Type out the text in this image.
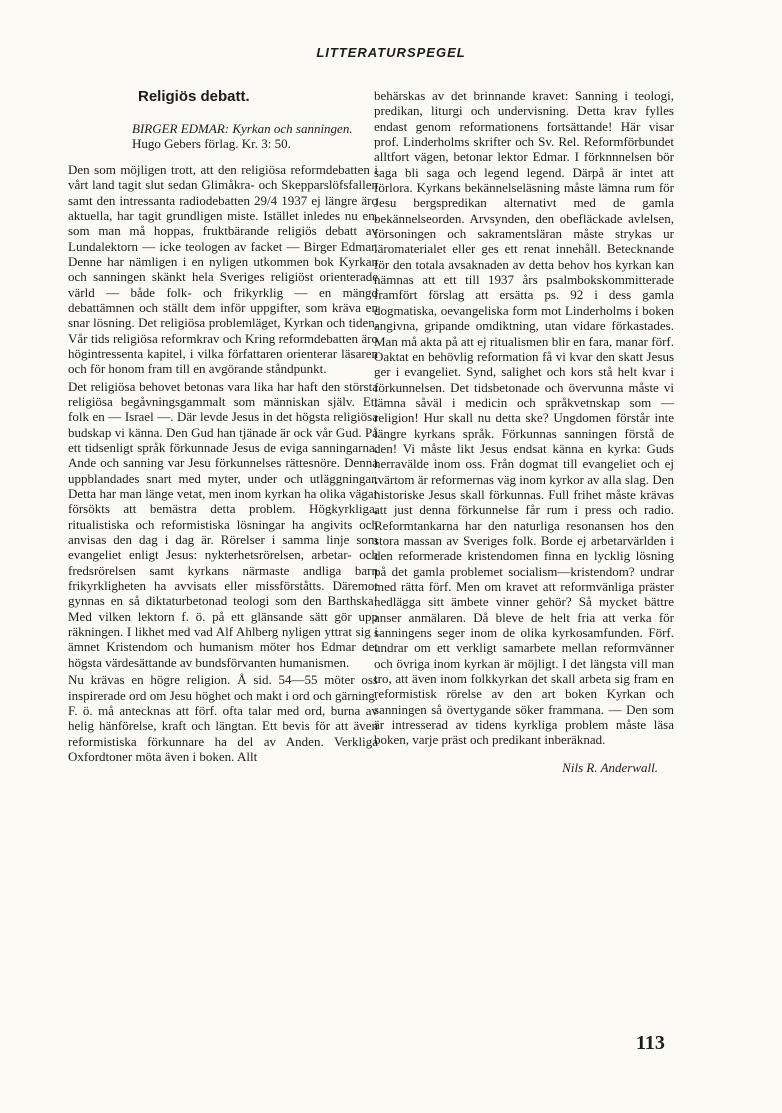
LITTERATURSPEGEL
Religiös debatt.
BIRGER EDMAR: Kyrkan och sanningen. Hugo Gebers förlag. Kr. 3: 50.

Den som möjligen trott, att den religiösa reformdebatten i vårt land tagit slut sedan Glimåkra- och Skepparslöfsfallen samt den intressanta radiodebatten 29/4 1937 ej längre äro aktuella, har tagit grundligen miste. Istället inledes nu en, som man må hoppas, fruktbärande religiös debatt av Lundalektorn — icke teologen av facket — Birger Edmar. Denne har nämligen i en nyligen utkommen bok Kyrkan och sanningen skänkt hela Sveriges religiöst orienterade värld — både folk- och frikyrklig — en mängd debattämnen och ställt dem inför uppgifter, som kräva en snar lösning. Det religiösa problemläget, Kyrkan och tiden, Vår tids religiösa reformkrav och Kring reformdebatten äro högintressenta kapitel, i vilka författaren orienterar läsaren och för honom fram till en avgörande ståndpunkt.

Det religiösa behovet betonas vara lika har haft den största religiösa begåvningsgammalt som människan själv. Ett folk en — Israel —. Där levde Jesus in det högsta religiösa budskap vi känna. Den Gud han tjänade är ock vår Gud. På ett tidsenligt språk förkunnade Jesus de eviga sanningarna. Ande och sanning var Jesu förkunnelses rättesnöre. Denna uppblandades snart med myter, under och utläggningar. Detta har man länge vetat, men inom kyrkan ha olika vägar försökts att bemästra detta problem. Högkyrkliga, ritualistiska och reformistiska lösningar ha angivits och anvisas den dag i dag är. Rörelser i samma linje som evangeliet enligt Jesus: nykterhetsrörelsen, arbetar- och fredsrörelsen samt kyrkans närmaste andliga barn frikyrkligheten ha avvisats eller missförståtts. Däremot gynnas en så diktaturbetonad teologi som den Barthska! Med vilken lektorn f. ö. på ett glänsande sätt gör upp räkningen. I likhet med vad Alf Ahlberg nyligen yttrat sig i ämnet Kristendom och humanism möter hos Edmar det högsta värdesättande av bundsförvanten humanismen.

Nu krävas en högre religion. Å sid. 54—55 möter oss inspirerade ord om Jesu höghet och makt i ord och gärning. F. ö. må antecknas att förf. ofta talar med ord, burna av helig hänförelse, kraft och längtan. Ett bevis för att även reformistiska förkunnare ha del av Anden. Verkliga Oxfordtoner möta även i boken. Allt

behärskas av det brinnande kravet: Sanning i teologi, predikan, liturgi och undervisning. Detta krav fylles endast genom reformationens fortsättande! Här visar prof. Linderholms skrifter och Sv. Rel. Reformförbundet alltfort vägen, betonar lektor Edmar. I förknnnelsen bör saga bli saga och legend legend. Därpå är intet att förlora. Kyrkans bekännelseläsning måste lämna rum för Jesu bergspredikan alternativt med de gamla bekännelseorden. Arvsynden, den obefläckade avlelsen, försoningen och sakramentsläran måste strykas ur läromaterialet eller ges ett renat innehåll. Betecknande för den totala avsaknaden av detta behov hos kyrkan kan nämnas att ett till 1937 års psalmbokskommitterade framfört förslag att ersätta ps. 92 i dess gamla dogmatiska, oevangeliska form mot Linderholms i boken angivna, gripande omdiktning, utan vidare förkastades. Man må akta på att ej ritualismen blir en fara, manar förf. Oaktat en behövlig reformation få vi kvar den skatt Jesus ger i evangeliet. Synd, salighet och kors stå helt kvar i förkunnelsen. Det tidsbetonade och övervunna måste vi lämna såväl i medicin och språkvetnskap som — religion! Hur skall nu detta ske? Ungdomen förstår inte längre kyrkans språk. Förkunnas sanningen förstå de den! Vi måste likt Jesus endsat känna en kyrka: Guds herravälde inom oss. Från dogmat till evangeliet och ej tvärtom är reformernas väg inom kyrkor av alla slag. Den historiske Jesus skall förkunnas. Full frihet måste krävas att just denna förkunnelse får rum i press och radio. Reformtankarna har den naturliga resonansen hos den stora massan av Sveriges folk. Borde ej arbetarvärlden i den reformerade kristendomen finna en lycklig lösning på det gamla problemet socialism—kristendom? undrar med rätta förf. Men om kravet att reformvänliga präster nedlägga sitt ämbete vinner gehör? Så mycket bättre anser anmälaren. Då bleve de helt fria att verka för sanningens seger inom de olika kyrkosamfunden. Förf. undrar om ett verkligt samarbete mellan reformvänner och övriga inom kyrkan är möjligt. I det längsta vill man tro, att även inom folkkyrkan det skall arbeta sig fram en reformistisk rörelse av den art boken Kyrkan och sanningen så övertygande söker frammana. — Den som är intresserad av tidens kyrkliga problem måste läsa boken, varje präst och predikant inberäknad.

Nils R. Anderwall.
113
